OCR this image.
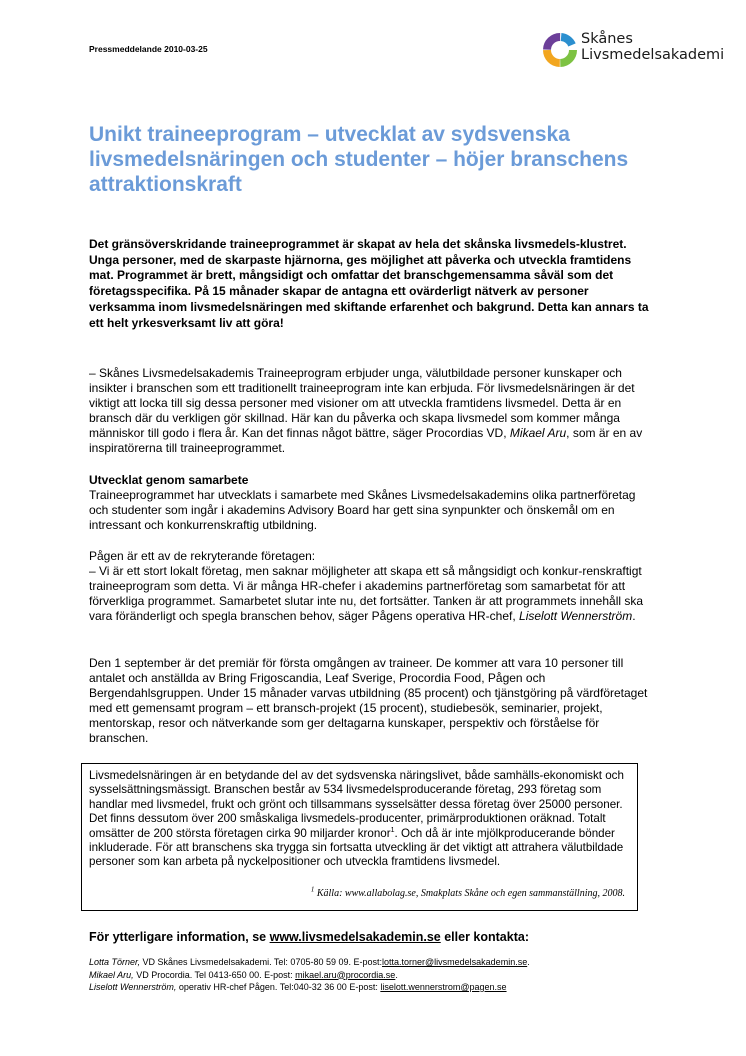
Pressmeddelande 2010-03-25
Skånes
Livsmedelsakademi
Unikt traineeprogram – utvecklat av sydsvenska livsmedelsnäringen och studenter – höjer branschens attraktionskraft

Det gränsöverskridande traineeprogrammet är skapat av hela det skånska livsmedels-klustret. Unga personer, med de skarpaste hjärnorna, ges möjlighet att påverka och utveckla framtidens mat. Programmet är brett, mångsidigt och omfattar det branschgemensamma såväl som det företagsspecifika. På 15 månader skapar de antagna ett ovärderligt nätverk av personer verksamma inom livsmedelsnäringen med skiftande erfarenhet och bakgrund. Detta kan annars ta ett helt yrkesverksamt liv att göra!

– Skånes Livsmedelsakademis Traineeprogram erbjuder unga, välutbildade personer kunskaper och insikter i branschen som ett traditionellt traineeprogram inte kan erbjuda. För livsmedelsnäringen är det viktigt att locka till sig dessa personer med visioner om att utveckla framtidens livsmedel. Detta är en bransch där du verkligen gör skillnad. Här kan du påverka och skapa livsmedel som kommer många människor till godo i flera år. Kan det finnas något bättre, säger Procordias VD, Mikael Aru, som är en av inspiratörerna till traineeprogrammet.

Utvecklat genom samarbete

Traineeprogrammet har utvecklats i samarbete med Skånes Livsmedelsakademins olika partnerföretag och studenter som ingår i akademins Advisory Board har gett sina synpunkter och önskemål om en intressant och konkurrenskraftig utbildning.

Pågen är ett av de rekryterande företagen:

– Vi är ett stort lokalt företag, men saknar möjligheter att skapa ett så mångsidigt och konkur-renskraftigt traineeprogram som detta. Vi är många HR-chefer i akademins partnerföretag som samarbetat för att förverkliga programmet. Samarbetet slutar inte nu, det fortsätter. Tanken är att programmets innehåll ska vara föränderligt och spegla branschen behov, säger Pågens operativa HR-chef, Liselott Wennerström.

Den 1 september är det premiär för första omgången av traineer. De kommer att vara 10 personer till antalet och anställda av Bring Frigoscandia, Leaf Sverige, Procordia Food, Pågen och Bergendahlsgruppen. Under 15 månader varvas utbildning (85 procent) och tjänstgöring på värdföretaget med ett gemensamt program – ett bransch-projekt (15 procent), studiebesök, seminarier, projekt, mentorskap, resor och nätverkande som ger deltagarna kunskaper, perspektiv och förståelse för branschen.

Livsmedelsnäringen är en betydande del av det sydsvenska näringslivet, både samhälls-ekonomiskt och sysselsättningsmässigt. Branschen består av 534 livsmedelsproducerande företag, 293 företag som handlar med livsmedel, frukt och grönt och tillsammans sysselsätter dessa företag över 25000 personer. Det finns dessutom över 200 småskaliga livsmedels-producenter, primärproduktionen oräknad. Totalt omsätter de 200 största företagen cirka 90 miljarder kronor$^1$. Och då är inte mjölkproducerande bönder inkluderade. För att branschens ska trygga sin fortsatta utveckling är det viktigt att attrahera välutbildade personer som kan arbeta på nyckelpositioner och utveckla framtidens livsmedel.
$^1$ Källa: www.allabolag.se, Smakplats Skåne och egen sammanställning, 2008.
För ytterligare information, se www.livsmedelsakademin.se eller kontakta:
Lotta Törner, VD Skånes Livsmedelsakademi. Tel: 0705-80 59 09. E-post:lotta.torner@livsmedelsakademin.se.
Mikael Aru, VD Procordia. Tel 0413-650 00. E-post: mikael.aru@procordia.se.
Liselott Wennerström, operativ HR-chef Pågen. Tel:040-32 36 00 E-post: liselott.wennerstrom@pagen.se
